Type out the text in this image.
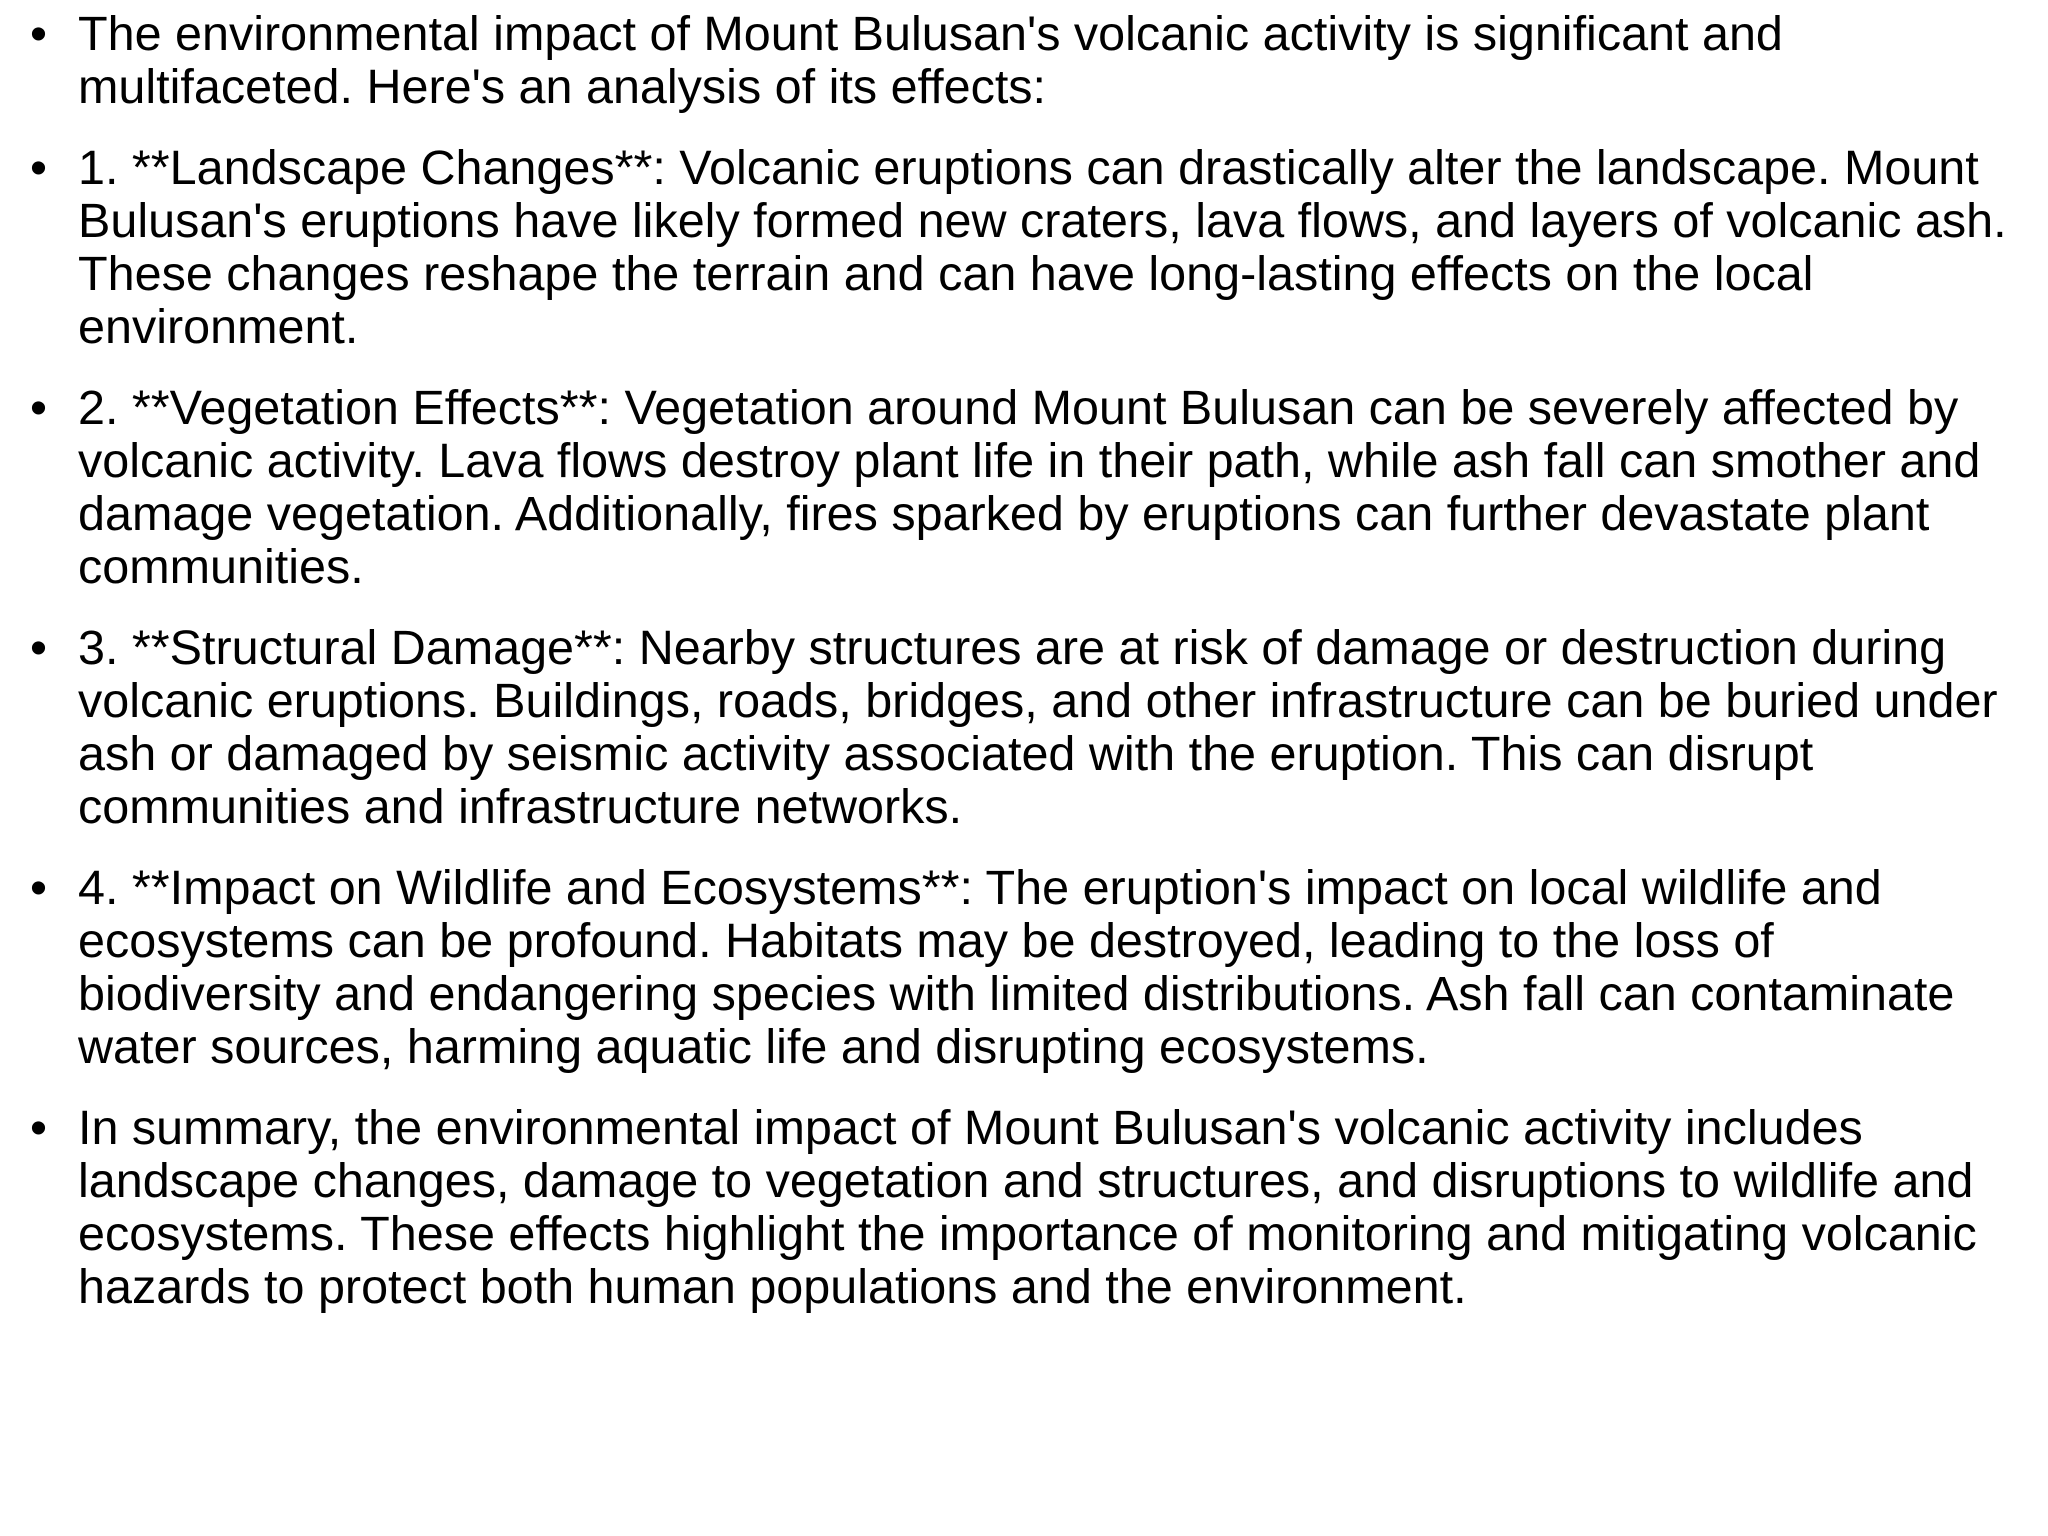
• The environmental impact of Mount Bulusan's volcanic activity is significant and multifaceted. Here's an analysis of its effects:
• 1. **Landscape Changes**: Volcanic eruptions can drastically alter the landscape. Mount Bulusan's eruptions have likely formed new craters, lava flows, and layers of volcanic ash. These changes reshape the terrain and can have long-lasting effects on the local environment.
• 2. **Vegetation Effects**: Vegetation around Mount Bulusan can be severely affected by volcanic activity. Lava flows destroy plant life in their path, while ash fall can smother and damage vegetation. Additionally, fires sparked by eruptions can further devastate plant communities.
• 3. **Structural Damage**: Nearby structures are at risk of damage or destruction during volcanic eruptions. Buildings, roads, bridges, and other infrastructure can be buried under ash or damaged by seismic activity associated with the eruption. This can disrupt communities and infrastructure networks.
• 4. **Impact on Wildlife and Ecosystems**: The eruption's impact on local wildlife and ecosystems can be profound. Habitats may be destroyed, leading to the loss of biodiversity and endangering species with limited distributions. Ash fall can contaminate water sources, harming aquatic life and disrupting ecosystems.
• In summary, the environmental impact of Mount Bulusan's volcanic activity includes landscape changes, damage to vegetation and structures, and disruptions to wildlife and ecosystems. These effects highlight the importance of monitoring and mitigating volcanic hazards to protect both human populations and the environment.
